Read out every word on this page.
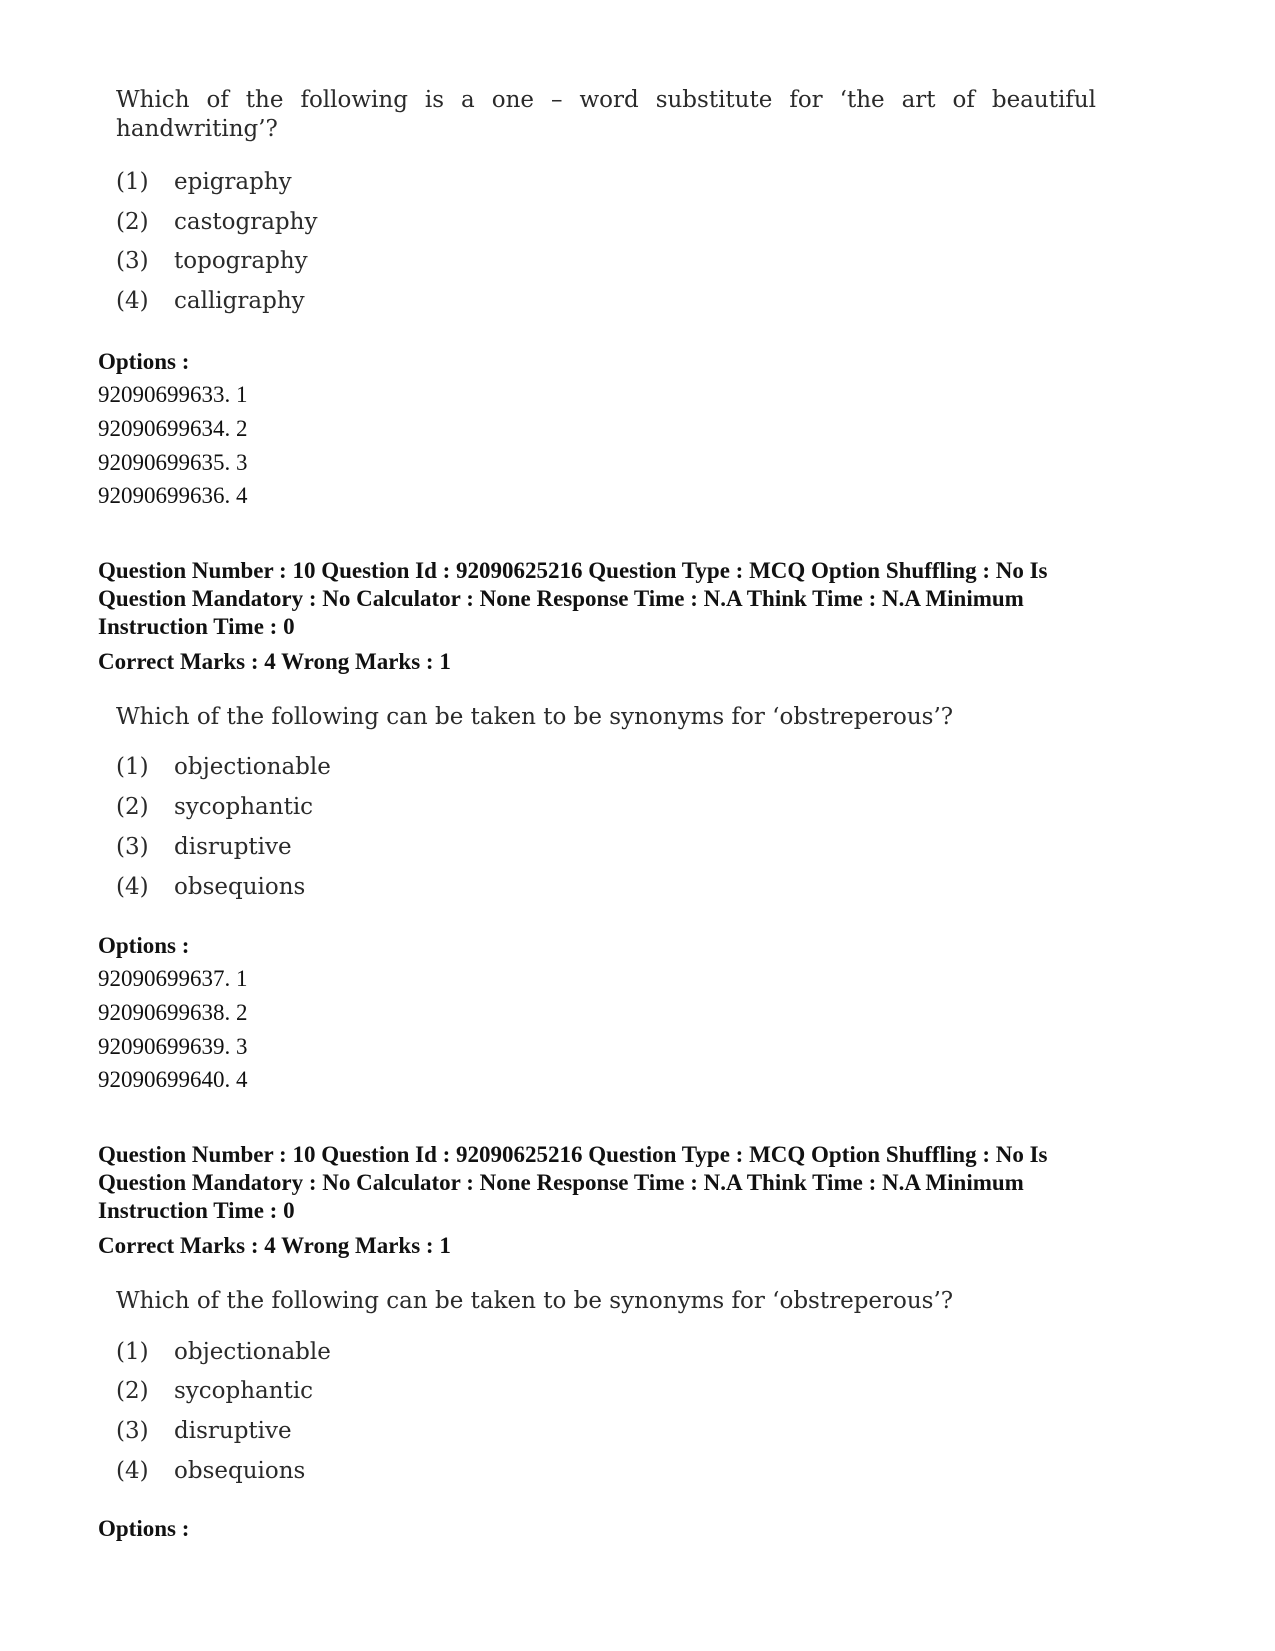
Which of the following is a one – word substitute for ‘the art of beautiful handwriting’?
(1) epigraphy
(2) castography
(3) topography
(4) calligraphy
Options :
92090699633. 1
92090699634. 2
92090699635. 3
92090699636. 4
Question Number : 10 Question Id : 92090625216 Question Type : MCQ Option Shuffling : No Is Question Mandatory : No Calculator : None Response Time : N.A Think Time : N.A Minimum Instruction Time : 0
Correct Marks : 4 Wrong Marks : 1
Which of the following can be taken to be synonyms for ‘obstreperous’?
(1) objectionable
(2) sycophantic
(3) disruptive
(4) obsequions
Options :
92090699637. 1
92090699638. 2
92090699639. 3
92090699640. 4
Question Number : 10 Question Id : 92090625216 Question Type : MCQ Option Shuffling : No Is Question Mandatory : No Calculator : None Response Time : N.A Think Time : N.A Minimum Instruction Time : 0
Correct Marks : 4 Wrong Marks : 1
Which of the following can be taken to be synonyms for ‘obstreperous’?
(1) objectionable
(2) sycophantic
(3) disruptive
(4) obsequions
Options :
